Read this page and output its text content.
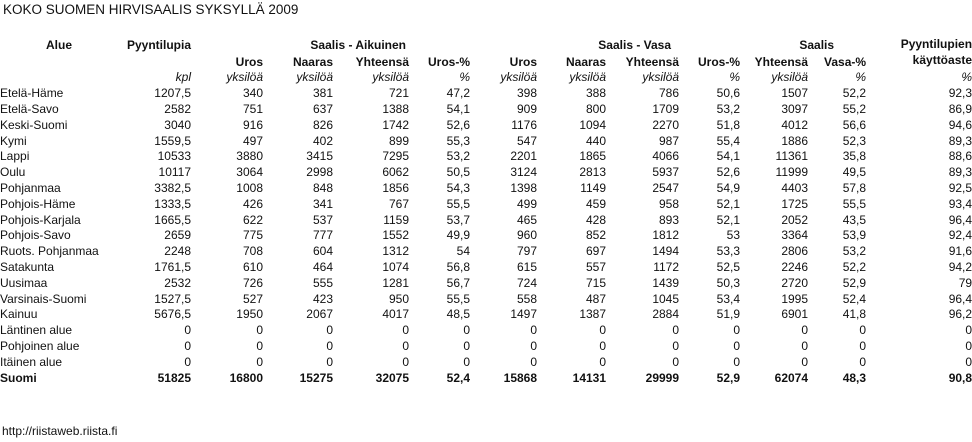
KOKO SUOMEN HIRVISAALIS SYKSYLLÄ 2009
Alue	Pyyntilupia	Saalis - Aikuinen				Saalis - Vasa				Saalis		Pyyntilupien
käyttöaste
		Uros	Naaras	Yhteensä	Uros-%	Uros	Naaras	Yhteensä	Uros-%	Yhteensä	Vasa-%	
	kpl	yksilöä	yksilöä	yksilöä	%	yksilöä	yksilöä	yksilöä	%	yksilöä	%	%
Etelä-Häme	1207,5	340	381	721	47,2	398	388	786	50,6	1507	52,2	92,3
Etelä-Savo	2582	751	637	1388	54,1	909	800	1709	53,2	3097	55,2	86,9
Keski-Suomi	3040	916	826	1742	52,6	1176	1094	2270	51,8	4012	56,6	94,6
Kymi	1559,5	497	402	899	55,3	547	440	987	55,4	1886	52,3	89,3
Lappi	10533	3880	3415	7295	53,2	2201	1865	4066	54,1	11361	35,8	88,6
Oulu	10117	3064	2998	6062	50,5	3124	2813	5937	52,6	11999	49,5	89,3
Pohjanmaa	3382,5	1008	848	1856	54,3	1398	1149	2547	54,9	4403	57,8	92,5
Pohjois-Häme	1333,5	426	341	767	55,5	499	459	958	52,1	1725	55,5	93,4
Pohjois-Karjala	1665,5	622	537	1159	53,7	465	428	893	52,1	2052	43,5	96,4
Pohjois-Savo	2659	775	777	1552	49,9	960	852	1812	53	3364	53,9	92,4
Ruots. Pohjanmaa	2248	708	604	1312	54	797	697	1494	53,3	2806	53,2	91,6
Satakunta	1761,5	610	464	1074	56,8	615	557	1172	52,5	2246	52,2	94,2
Uusimaa	2532	726	555	1281	56,7	724	715	1439	50,3	2720	52,9	79
Varsinais-Suomi	1527,5	527	423	950	55,5	558	487	1045	53,4	1995	52,4	96,4
Kainuu	5676,5	1950	2067	4017	48,5	1497	1387	2884	51,9	6901	41,8	96,2
Läntinen alue	0	0	0	0	0	0	0	0	0	0	0	0
Pohjoinen alue	0	0	0	0	0	0	0	0	0	0	0	0
Itäinen alue	0	0	0	0	0	0	0	0	0	0	0	0
Suomi	51825	16800	15275	32075	52,4	15868	14131	29999	52,9	62074	48,3	90,8
http://riistaweb.riista.fi
